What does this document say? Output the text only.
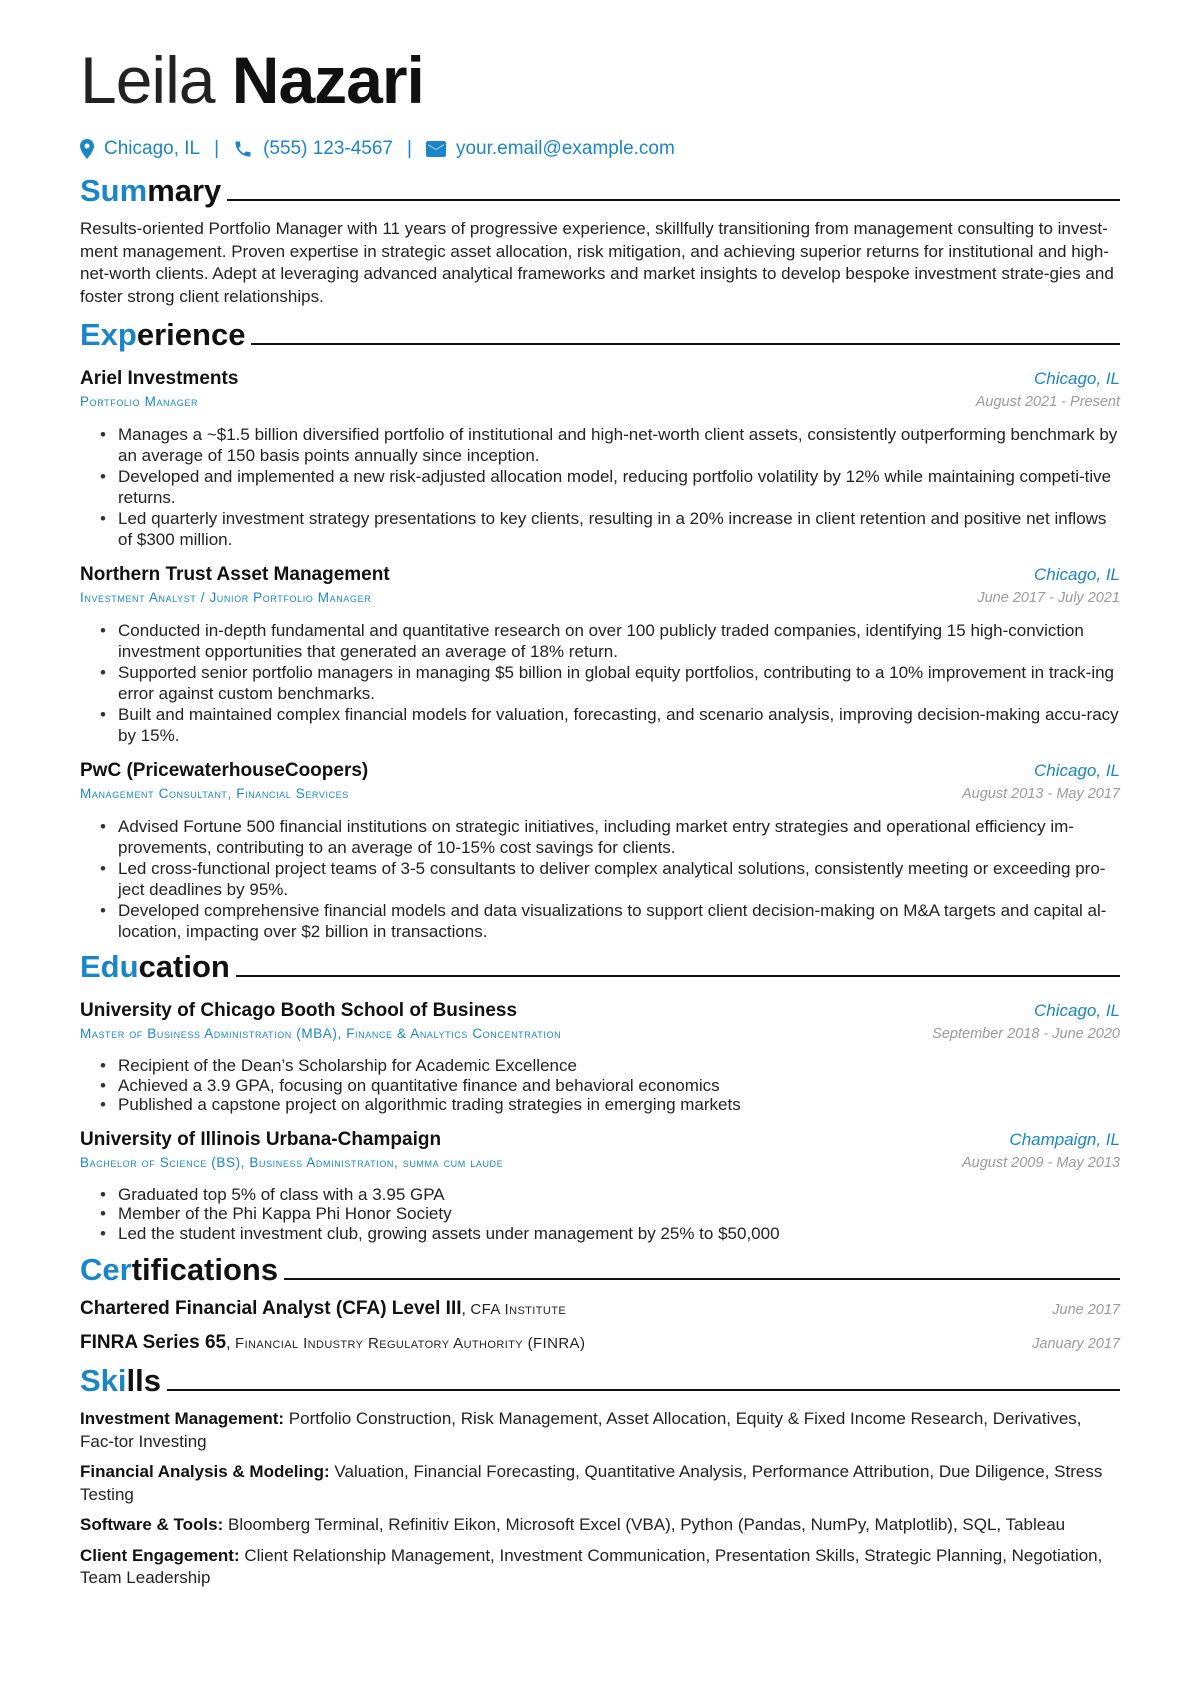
Leila Nazari
Chicago, IL | (555) 123-4567 | your.email@example.com
Summary

Results-oriented Portfolio Manager with 11 years of progressive experience, skillfully transitioning from management consulting to invest-ment management. Proven expertise in strategic asset allocation, risk mitigation, and achieving superior returns for institutional and high-net-worth clients. Adept at leveraging advanced analytical frameworks and market insights to develop bespoke investment strate-gies and foster strong client relationships.

Experience
Ariel Investments	Chicago, IL
Portfolio Manager	August 2021 - Present
• Manages a ~$1.5 billion diversified portfolio of institutional and high-net-worth client assets, consistently outperforming benchmark by an average of 150 basis points annually since inception.
• Developed and implemented a new risk-adjusted allocation model, reducing portfolio volatility by 12% while maintaining competi-tive returns.
• Led quarterly investment strategy presentations to key clients, resulting in a 20% increase in client retention and positive net inflows of $300 million.
Northern Trust Asset Management	Chicago, IL
Investment Analyst / Junior Portfolio Manager	June 2017 - July 2021
• Conducted in-depth fundamental and quantitative research on over 100 publicly traded companies, identifying 15 high-conviction investment opportunities that generated an average of 18% return.
• Supported senior portfolio managers in managing $5 billion in global equity portfolios, contributing to a 10% improvement in track-ing error against custom benchmarks.
• Built and maintained complex financial models for valuation, forecasting, and scenario analysis, improving decision-making accu-racy by 15%.
PwC (PricewaterhouseCoopers)	Chicago, IL
Management Consultant, Financial Services	August 2013 - May 2017
• Advised Fortune 500 financial institutions on strategic initiatives, including market entry strategies and operational efficiency im-provements, contributing to an average of 10-15% cost savings for clients.
• Led cross-functional project teams of 3-5 consultants to deliver complex analytical solutions, consistently meeting or exceeding pro-ject deadlines by 95%.
• Developed comprehensive financial models and data visualizations to support client decision-making on M&A targets and capital al-location, impacting over $2 billion in transactions.
Education
University of Chicago Booth School of Business	Chicago, IL
Master of Business Administration (MBA), Finance & Analytics Concentration	September 2018 - June 2020
• Recipient of the Dean’s Scholarship for Academic Excellence
• Achieved a 3.9 GPA, focusing on quantitative finance and behavioral economics
• Published a capstone project on algorithmic trading strategies in emerging markets
University of Illinois Urbana-Champaign	Champaign, IL
Bachelor of Science (BS), Business Administration, summa cum laude	August 2009 - May 2013
• Graduated top 5% of class with a 3.95 GPA
• Member of the Phi Kappa Phi Honor Society
• Led the student investment club, growing assets under management by 25% to $50,000
Certifications
Chartered Financial Analyst (CFA) Level III, CFA Institute	June 2017
FINRA Series 65, Financial Industry Regulatory Authority (FINRA)	January 2017
Skills
Investment Management: Portfolio Construction, Risk Management, Asset Allocation, Equity & Fixed Income Research, Derivatives, Fac-tor Investing
Financial Analysis & Modeling: Valuation, Financial Forecasting, Quantitative Analysis, Performance Attribution, Due Diligence, Stress Testing
Software & Tools: Bloomberg Terminal, Refinitiv Eikon, Microsoft Excel (VBA), Python (Pandas, NumPy, Matplotlib), SQL, Tableau
Client Engagement: Client Relationship Management, Investment Communication, Presentation Skills, Strategic Planning, Negotiation, Team Leadership
